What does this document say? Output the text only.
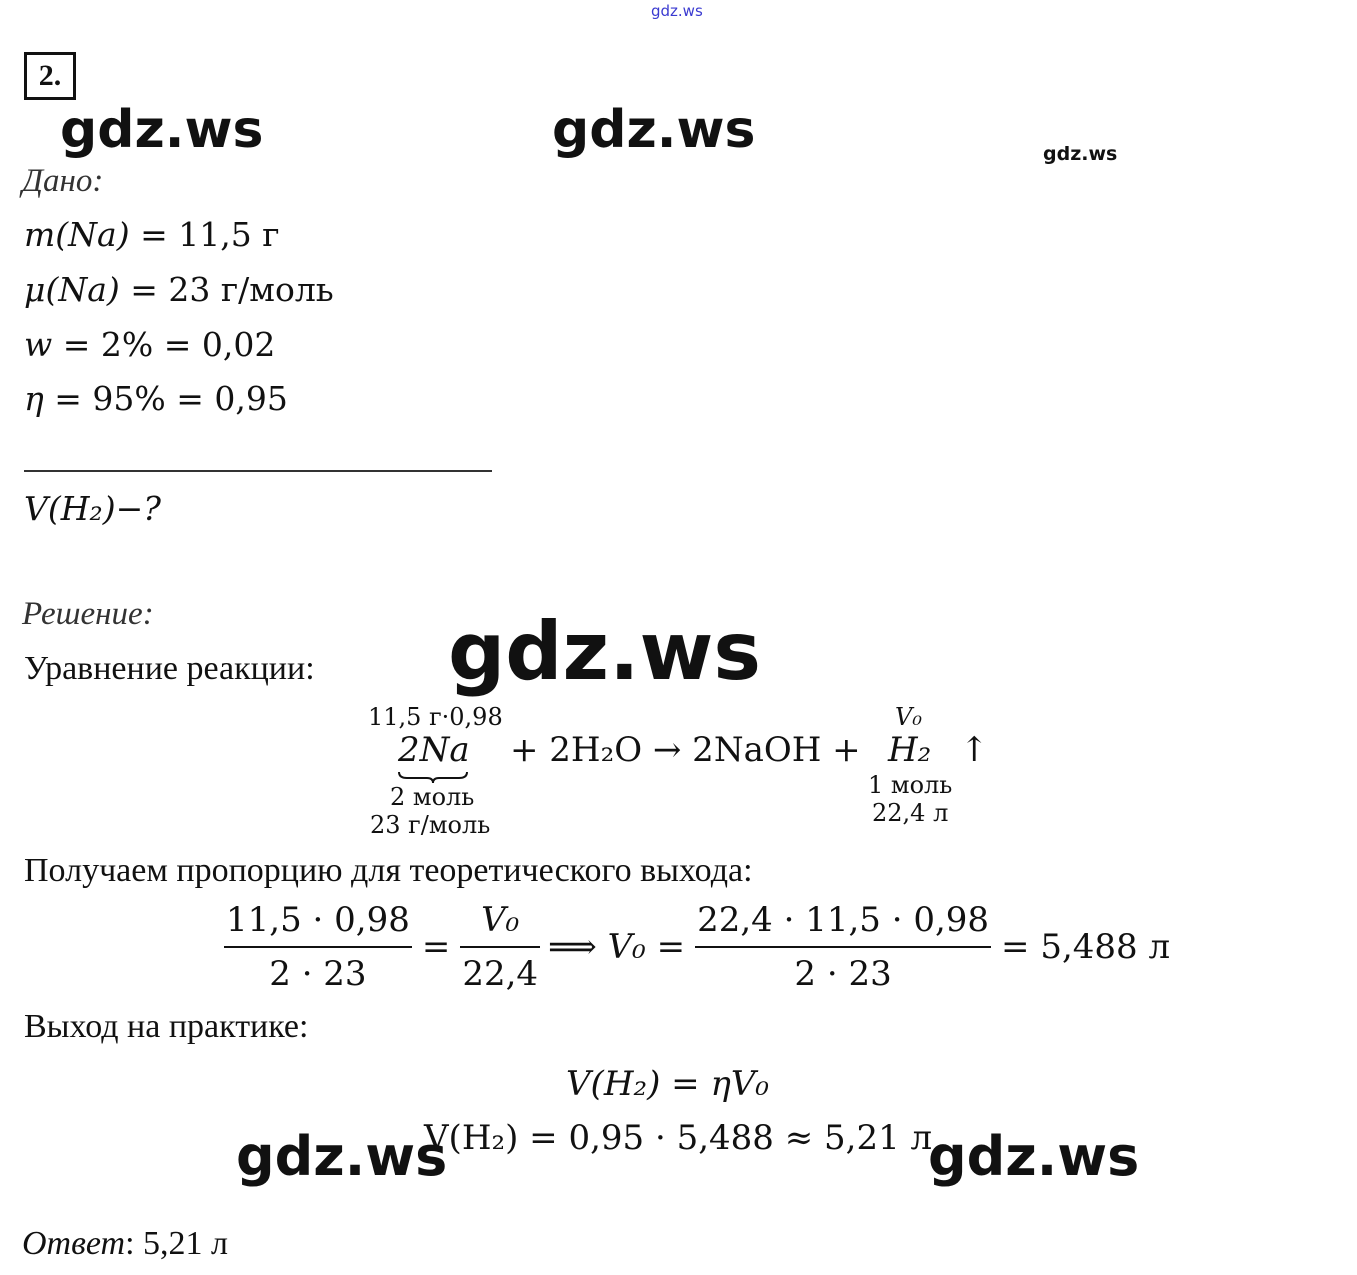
gdz.ws
gdz.ws	gdz.ws	gdz.ws
2.
Дано:
m(Na) = 11,5 г
μ(Na) = 23 г/моль
w = 2% = 0,02
η = 95% = 0,95
V(H₂)−?
Решение:
Уравнение реакции: gdz.ws
11,5 г·0,98
2Na
2 моль
23 г/моль
+ 2H₂O → 2NaOH +
V₀
H₂
1 моль
22,4 л
↑
Получаем пропорцию для теоретического выхода:
$\frac{11,5 \cdot 0,98}{2 \cdot 23} = \frac{\text{V₀}}{22,4}$ ⟹ $V_0 = \frac{22,4 \cdot 11,5 \cdot 0,98}{2 \cdot 23} = 5,488$ л
Выход на практике:
V(H₂) = ηV₀
gdz.ws
V(H₂) = 0,95 · 5,488 ≈ 5,21 л
gdz.ws
Ответ: 5,21 л
